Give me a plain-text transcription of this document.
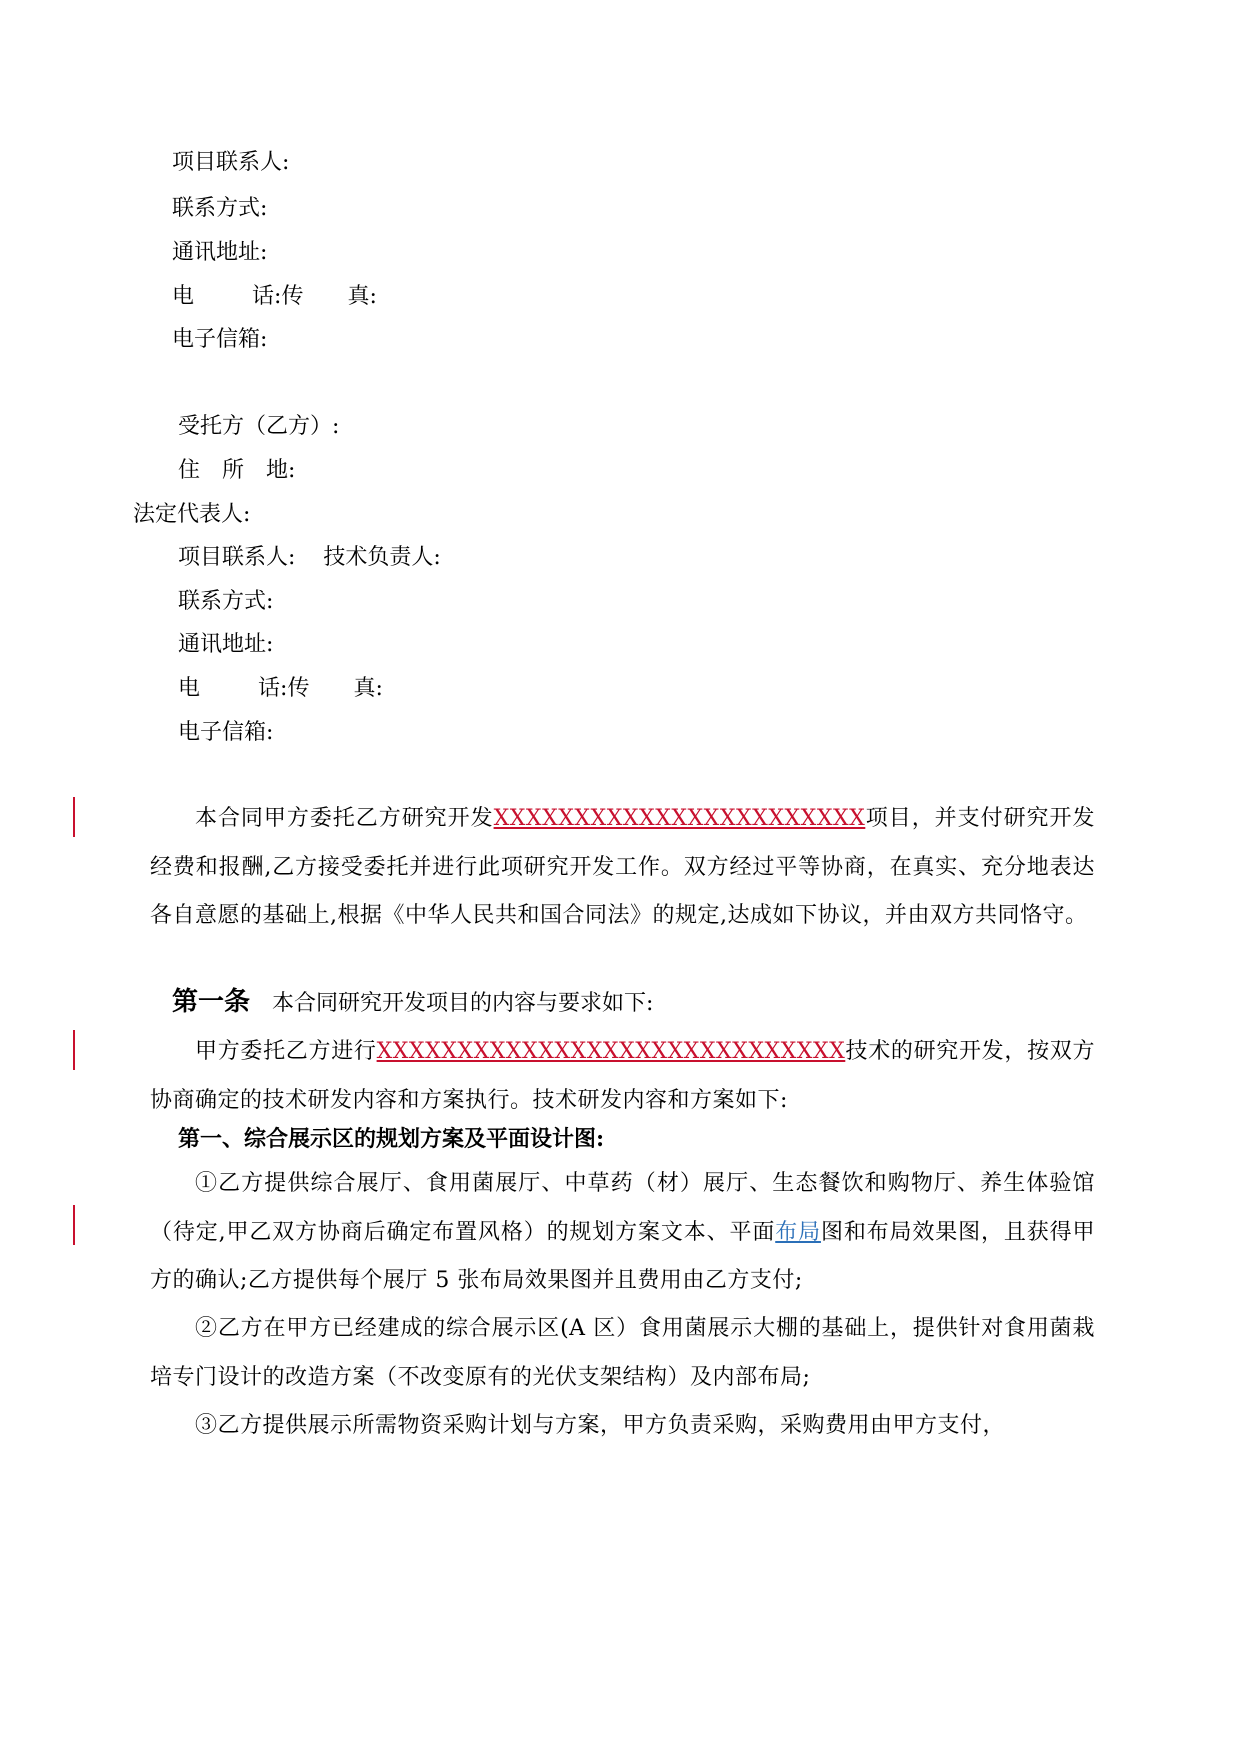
项目联系人:
联系方式:
通讯地址:
电	话:传 真:
电子信箱:
受托方（乙方）:
住 所 地:
法定代表人:
项目联系人: 技术负责人:
联系方式:
通讯地址:
电	话:传 真:
电子信箱:

本合同甲方委托乙方研究开发XXXXXXXXXXXXXXXXXXXXXXX项目，并支付研究开发经费和报酬,乙方接受委托并进行此项研究开发工作。双方经过平等协商，在真实、充分地表达各自意愿的基础上,根据《中华人民共和国合同法》的规定,达成如下协议，并由双方共同恪守。

第一条 本合同研究开发项目的内容与要求如下:

甲方委托乙方进行XXXXXXXXXXXXXXXXXXXXXXXXXXXXX技术的研究开发，按双方协商确定的技术研发内容和方案执行。技术研发内容和方案如下:

第一、综合展示区的规划方案及平面设计图:

①乙方提供综合展厅、食用菌展厅、中草药（材）展厅、生态餐饮和购物厅、养生体验馆（待定,甲乙双方协商后确定布置风格）的规划方案文本、平面布局图和布局效果图，且获得甲方的确认;乙方提供每个展厅 5 张布局效果图并且费用由乙方支付;

②乙方在甲方已经建成的综合展示区(A 区）食用菌展示大棚的基础上，提供针对食用菌栽培专门设计的改造方案（不改变原有的光伏支架结构）及内部布局;

③乙方提供展示所需物资采购计划与方案，甲方负责采购，采购费用由甲方支付，
